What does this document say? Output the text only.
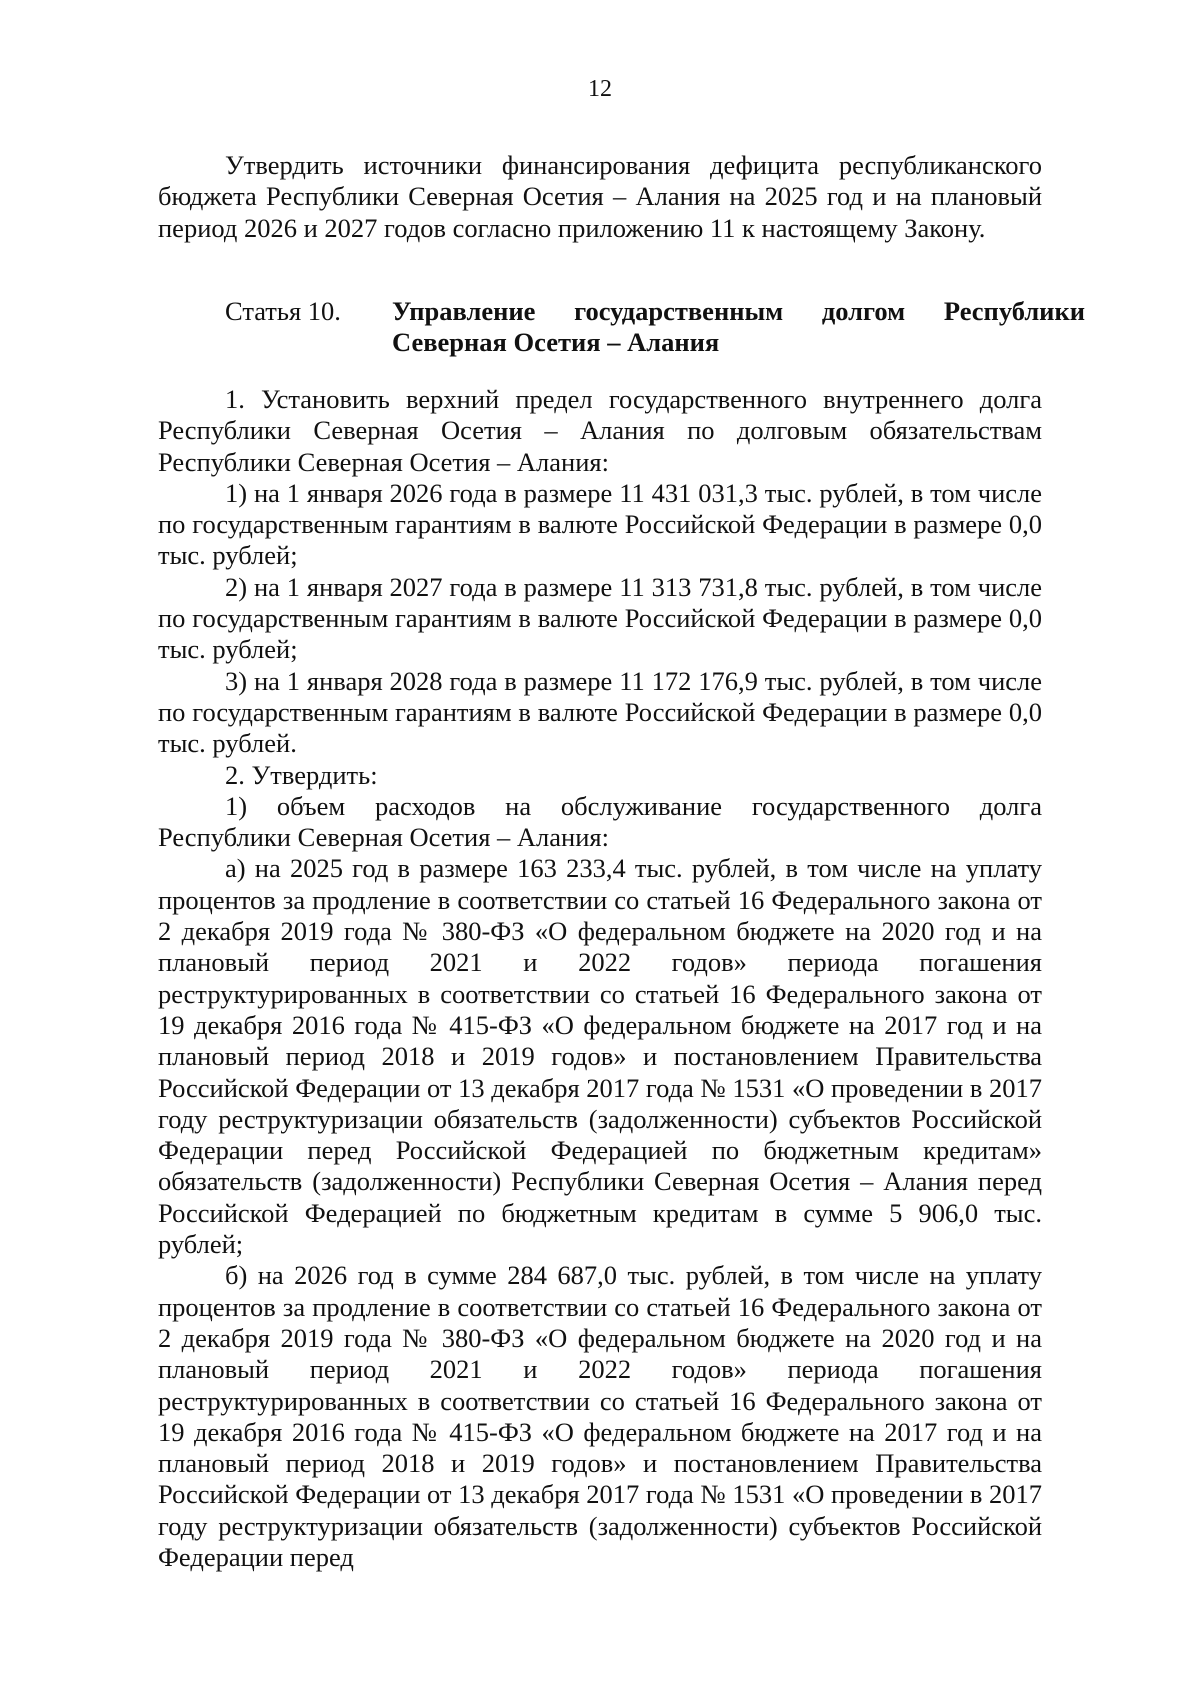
12

Утвердить источники финансирования дефицита республиканского бюджета Республики Северная Осетия – Алания на 2025 год и на плановый период 2026 и 2027 годов согласно приложению 11 к настоящему Закону.

Статья 10. Управление государственным долгом Республики Северная Осетия – Алания

1. Установить верхний предел государственного внутреннего долга Республики Северная Осетия – Алания по долговым обязательствам Республики Северная Осетия – Алания:

1) на 1 января 2026 года в размере 11 431 031,3 тыс. рублей, в том числе по государственным гарантиям в валюте Российской Федерации в размере 0,0 тыс. рублей;

2) на 1 января 2027 года в размере 11 313 731,8 тыс. рублей, в том числе по государственным гарантиям в валюте Российской Федерации в размере 0,0 тыс. рублей;

3) на 1 января 2028 года в размере 11 172 176,9 тыс. рублей, в том числе по государственным гарантиям в валюте Российской Федерации в размере 0,0 тыс. рублей.

2. Утвердить:

1) объем расходов на обслуживание государственного долга Республики Северная Осетия – Алания:

а) на 2025 год в размере 163 233,4 тыс. рублей, в том числе на уплату процентов за продление в соответствии со статьей 16 Федерального закона от 2 декабря 2019 года № 380-ФЗ «О федеральном бюджете на 2020 год и на плановый период 2021 и 2022 годов» периода погашения реструктурированных в соответствии со статьей 16 Федерального закона от 19 декабря 2016 года № 415-ФЗ «О федеральном бюджете на 2017 год и на плановый период 2018 и 2019 годов» и постановлением Правительства Российской Федерации от 13 декабря 2017 года № 1531 «О проведении в 2017 году реструктуризации обязательств (задолженности) субъектов Российской Федерации перед Российской Федерацией по бюджетным кредитам» обязательств (задолженности) Республики Северная Осетия – Алания перед Российской Федерацией по бюджетным кредитам в сумме 5 906,0 тыс. рублей;

б) на 2026 год в сумме 284 687,0 тыс. рублей, в том числе на уплату процентов за продление в соответствии со статьей 16 Федерального закона от 2 декабря 2019 года № 380-ФЗ «О федеральном бюджете на 2020 год и на плановый период 2021 и 2022 годов» периода погашения реструктурированных в соответствии со статьей 16 Федерального закона от 19 декабря 2016 года № 415-ФЗ «О федеральном бюджете на 2017 год и на плановый период 2018 и 2019 годов» и постановлением Правительства Российской Федерации от 13 декабря 2017 года № 1531 «О проведении в 2017 году реструктуризации обязательств (задолженности) субъектов Российской Федерации перед
